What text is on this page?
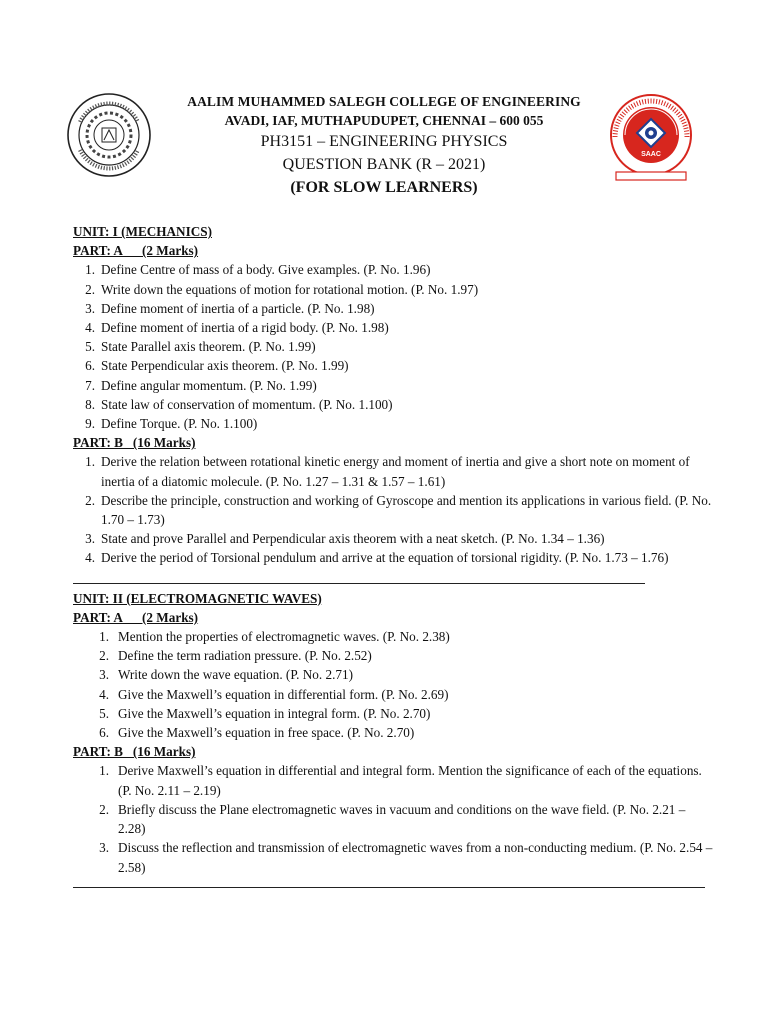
SAAC
AALIM MUHAMMED SALEGH COLLEGE OF ENGINEERING
AVADI, IAF, MUTHAPUDUPET, CHENNAI – 600 055
PH3151 – ENGINEERING PHYSICS
QUESTION BANK (R – 2021)
(FOR SLOW LEARNERS)
UNIT: I (MECHANICS)
PART: A      (2 Marks)
1. Define Centre of mass of a body. Give examples. (P. No. 1.96)
2. Write down the equations of motion for rotational motion. (P. No. 1.97)
3. Define moment of inertia of a particle. (P. No. 1.98)
4. Define moment of inertia of a rigid body. (P. No. 1.98)
5. State Parallel axis theorem. (P. No. 1.99)
6. State Perpendicular axis theorem. (P. No. 1.99)
7. Define angular momentum. (P. No. 1.99)
8. State law of conservation of momentum. (P. No. 1.100)
9. Define Torque. (P. No. 1.100)
PART: B   (16 Marks)
1. Derive the relation between rotational kinetic energy and moment of inertia and give a short note on moment of inertia of a diatomic molecule. (P. No. 1.27 – 1.31 & 1.57 – 1.61)
2. Describe the principle, construction and working of Gyroscope and mention its applications in various field. (P. No. 1.70 – 1.73)
3. State and prove Parallel and Perpendicular axis theorem with a neat sketch. (P. No. 1.34 – 1.36)
4. Derive the period of Torsional pendulum and arrive at the equation of torsional rigidity. (P. No. 1.73 – 1.76)
UNIT: II (ELECTROMAGNETIC WAVES)
PART: A      (2 Marks)
1. Mention the properties of electromagnetic waves. (P. No. 2.38)
2. Define the term radiation pressure. (P. No. 2.52)
3. Write down the wave equation. (P. No. 2.71)
4. Give the Maxwell’s equation in differential form. (P. No. 2.69)
5. Give the Maxwell’s equation in integral form. (P. No. 2.70)
6. Give the Maxwell’s equation in free space. (P. No. 2.70)
PART: B   (16 Marks)
1. Derive Maxwell’s equation in differential and integral form. Mention the significance of each of the equations. (P. No. 2.11 – 2.19)
2. Briefly discuss the Plane electromagnetic waves in vacuum and conditions on the wave field. (P. No. 2.21 – 2.28)
3. Discuss the reflection and transmission of electromagnetic waves from a non-conducting medium. (P. No. 2.54 – 2.58)
